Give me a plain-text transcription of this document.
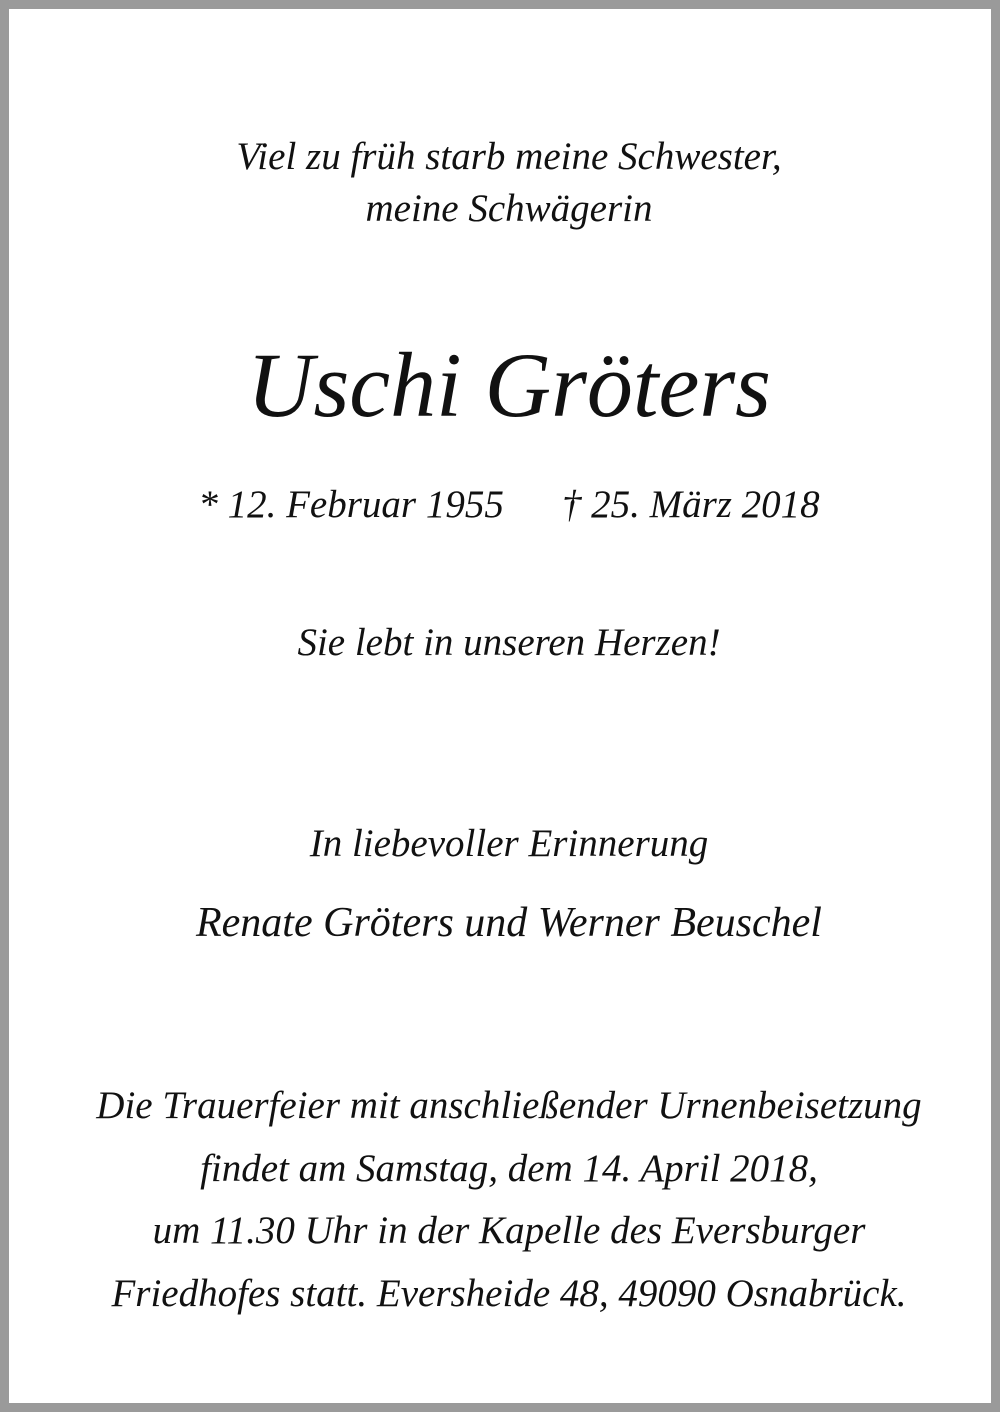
Viel zu früh starb meine Schwester,
meine Schwägerin
Uschi Gröters
* 12. Februar 1955 † 25. März 2018
Sie lebt in unseren Herzen!
In liebevoller Erinnerung
Renate Gröters und Werner Beuschel
Die Trauerfeier mit anschließender Urnenbeisetzung
findet am Samstag, dem 14. April 2018,
um 11.30 Uhr in der Kapelle des Eversburger
Friedhofes statt. Eversheide 48, 49090 Osnabrück.
